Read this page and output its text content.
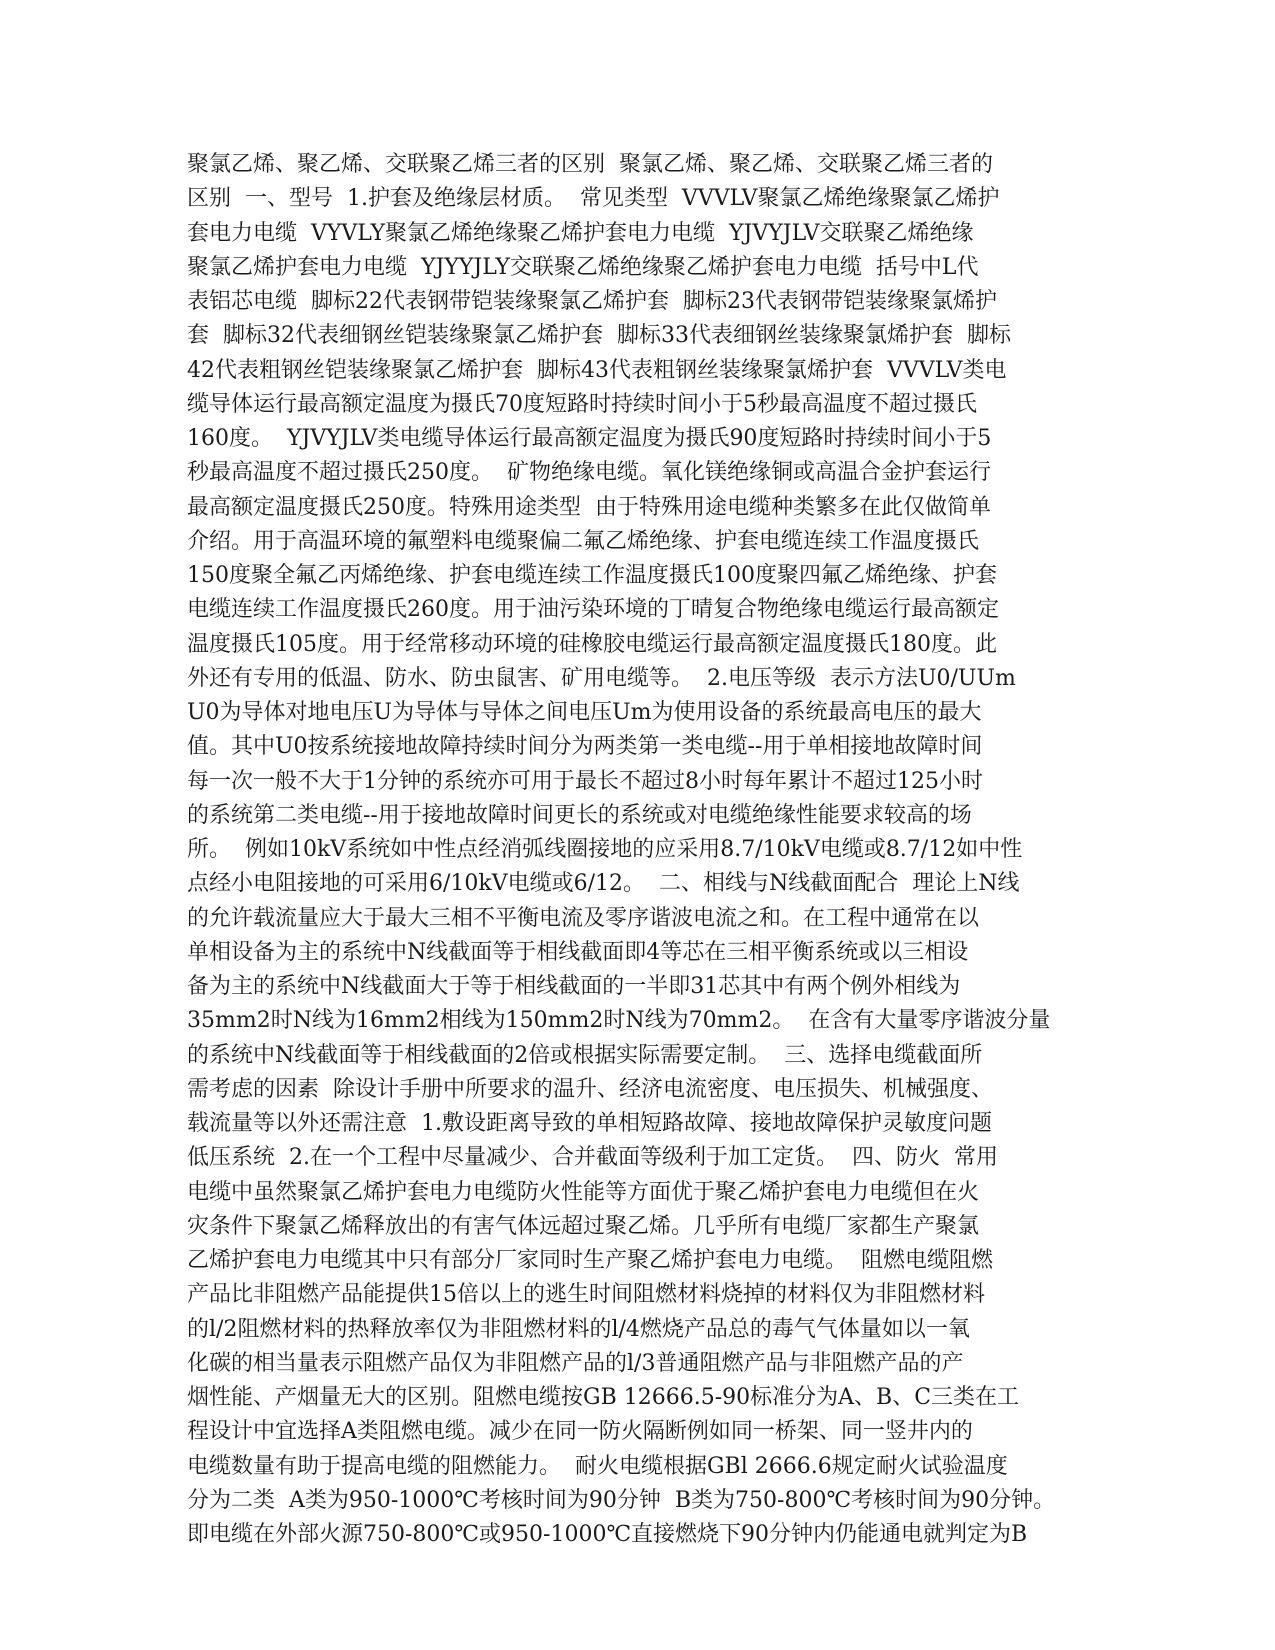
聚氯乙烯、聚乙烯、交联聚乙烯三者的区别  聚氯乙烯、聚乙烯、交联聚乙烯三者的
区别  一、型号  1.护套及绝缘层材质。  常见类型  VVVLV聚氯乙烯绝缘聚氯乙烯护
套电力电缆  VYVLY聚氯乙烯绝缘聚乙烯护套电力电缆  YJVYJLV交联聚乙烯绝缘
聚氯乙烯护套电力电缆  YJYYJLY交联聚乙烯绝缘聚乙烯护套电力电缆  括号中L代
表铝芯电缆  脚标22代表钢带铠装缘聚氯乙烯护套  脚标23代表钢带铠装缘聚氯烯护
套  脚标32代表细钢丝铠装缘聚氯乙烯护套  脚标33代表细钢丝装缘聚氯烯护套  脚标
42代表粗钢丝铠装缘聚氯乙烯护套  脚标43代表粗钢丝装缘聚氯烯护套  VVVLV类电
缆导体运行最高额定温度为摄氏70度短路时持续时间小于5秒最高温度不超过摄氏
160度。  YJVYJLV类电缆导体运行最高额定温度为摄氏90度短路时持续时间小于5
秒最高温度不超过摄氏250度。  矿物绝缘电缆。氧化镁绝缘铜或高温合金护套运行
最高额定温度摄氏250度。特殊用途类型  由于特殊用途电缆种类繁多在此仅做简单
介绍。用于高温环境的氟塑料电缆聚偏二氟乙烯绝缘、护套电缆连续工作温度摄氏
150度聚全氟乙丙烯绝缘、护套电缆连续工作温度摄氏100度聚四氟乙烯绝缘、护套
电缆连续工作温度摄氏260度。用于油污染环境的丁晴复合物绝缘电缆运行最高额定
温度摄氏105度。用于经常移动环境的硅橡胶电缆运行最高额定温度摄氏180度。此
外还有专用的低温、防水、防虫鼠害、矿用电缆等。  2.电压等级  表示方法U0/UUm
U0为导体对地电压U为导体与导体之间电压Um为使用设备的系统最高电压的最大
值。其中U0按系统接地故障持续时间分为两类第一类电缆--用于单相接地故障时间
每一次一般不大于1分钟的系统亦可用于最长不超过8小时每年累计不超过125小时
的系统第二类电缆--用于接地故障时间更长的系统或对电缆绝缘性能要求较高的场
所。  例如10kV系统如中性点经消弧线圈接地的应采用8.7/10kV电缆或8.7/12如中性
点经小电阻接地的可采用6/10kV电缆或6/12。  二、相线与N线截面配合  理论上N线
的允许载流量应大于最大三相不平衡电流及零序谐波电流之和。在工程中通常在以
单相设备为主的系统中N线截面等于相线截面即4等芯在三相平衡系统或以三相设
备为主的系统中N线截面大于等于相线截面的一半即31芯其中有两个例外相线为
35mm2时N线为16mm2相线为150mm2时N线为70mm2。  在含有大量零序谐波分量
的系统中N线截面等于相线截面的2倍或根据实际需要定制。  三、选择电缆截面所
需考虑的因素  除设计手册中所要求的温升、经济电流密度、电压损失、机械强度、
载流量等以外还需注意  1.敷设距离导致的单相短路故障、接地故障保护灵敏度问题
低压系统  2.在一个工程中尽量减少、合并截面等级利于加工定货。  四、防火  常用
电缆中虽然聚氯乙烯护套电力电缆防火性能等方面优于聚乙烯护套电力电缆但在火
灾条件下聚氯乙烯释放出的有害气体远超过聚乙烯。几乎所有电缆厂家都生产聚氯
乙烯护套电力电缆其中只有部分厂家同时生产聚乙烯护套电力电缆。  阻燃电缆阻燃
产品比非阻燃产品能提供15倍以上的逃生时间阻燃材料烧掉的材料仅为非阻燃材料
的l/2阻燃材料的热释放率仅为非阻燃材料的l/4燃烧产品总的毒气气体量如以一氧
化碳的相当量表示阻燃产品仅为非阻燃产品的l/3普通阻燃产品与非阻燃产品的产
烟性能、产烟量无大的区别。阻燃电缆按GB 12666.5-90标准分为A、B、C三类在工
程设计中宜选择A类阻燃电缆。减少在同一防火隔断例如同一桥架、同一竖井内的
电缆数量有助于提高电缆的阻燃能力。  耐火电缆根据GBl 2666.6规定耐火试验温度
分为二类  A类为950-1000℃考核时间为90分钟  B类为750-800℃考核时间为90分钟。
即电缆在外部火源750-800℃或950-1000℃直接燃烧下90分钟内仍能通电就判定为B
